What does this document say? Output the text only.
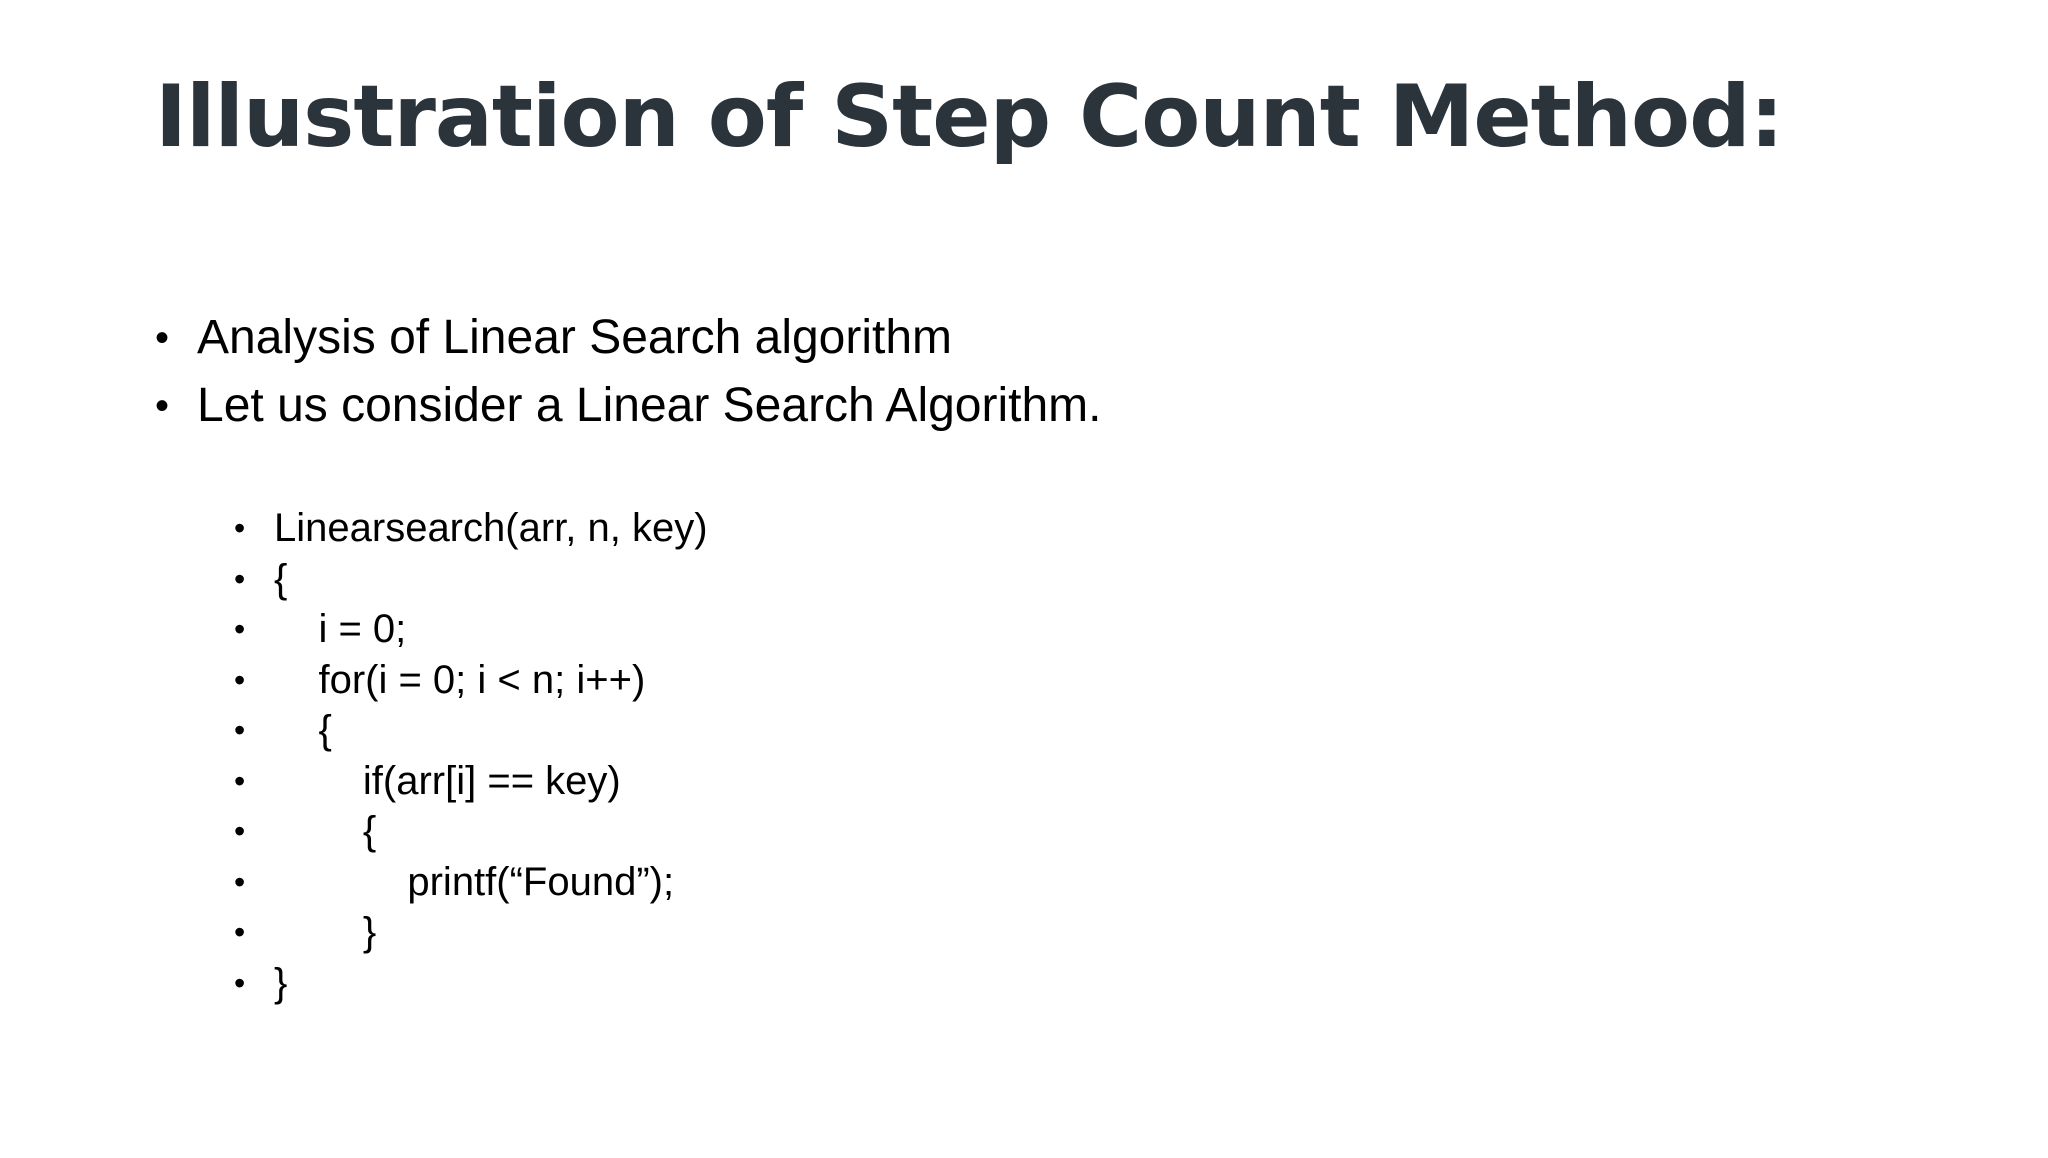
Illustration of Step Count Method:
• Analysis of Linear Search algorithm
• Let us consider a Linear Search Algorithm.

•

Linearsearch(arr, n, key)

•

{

•

i = 0;

•

for(i = 0; i < n; i++)

•

{

•

if(arr[i] == key)

•

{

•

printf(“Found”);

•

}

•

}
